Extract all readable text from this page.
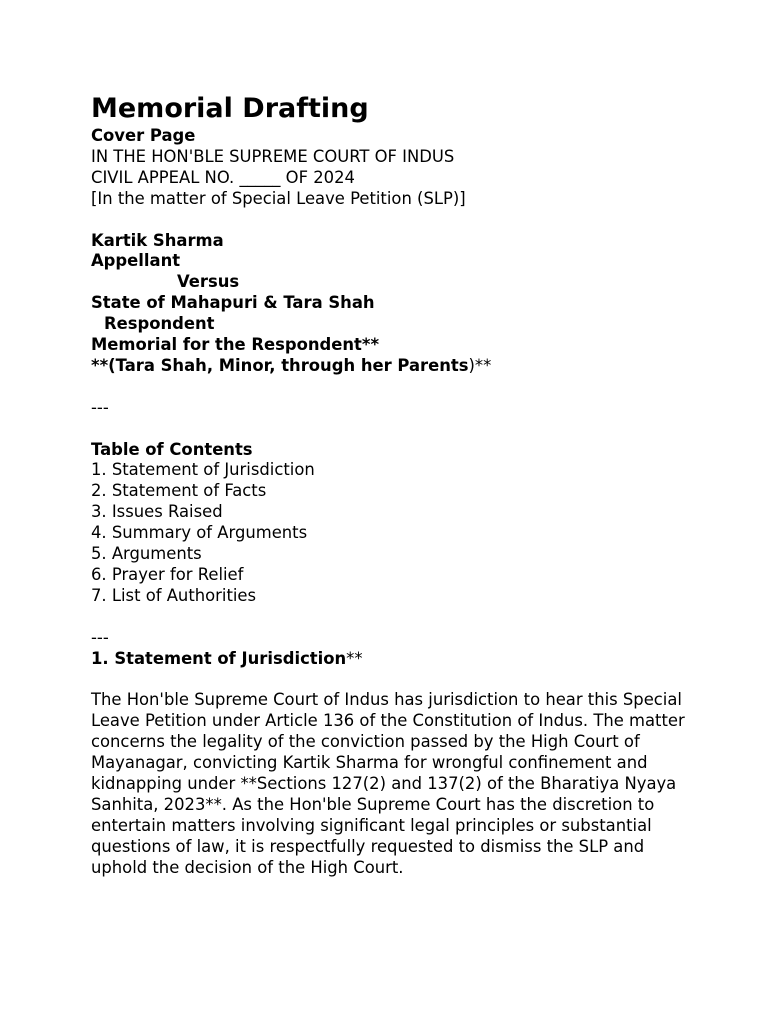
Memorial Drafting
Cover Page
IN THE HON'BLE SUPREME COURT OF INDUS
CIVIL APPEAL NO. _____ OF 2024
[In the matter of Special Leave Petition (SLP)]
Kartik Sharma
Appellant
Versus
State of Mahapuri & Tara Shah
Respondent
Memorial for the Respondent**
**(Tara Shah, Minor, through her Parents)**
---
Table of Contents
1. Statement of Jurisdiction
2. Statement of Facts
3. Issues Raised
4. Summary of Arguments
5. Arguments
6. Prayer for Relief
7. List of Authorities
---
1. Statement of Jurisdiction**

The Hon'ble Supreme Court of Indus has jurisdiction to hear this Special Leave Petition under Article 136 of the Constitution of Indus. The matter concerns the legality of the conviction passed by the High Court of Mayanagar, convicting Kartik Sharma for wrongful confinement and kidnapping under **Sections 127(2) and 137(2) of the Bharatiya Nyaya Sanhita, 2023**. As the Hon'ble Supreme Court has the discretion to entertain matters involving significant legal principles or substantial questions of law, it is respectfully requested to dismiss the SLP and uphold the decision of the High Court.
